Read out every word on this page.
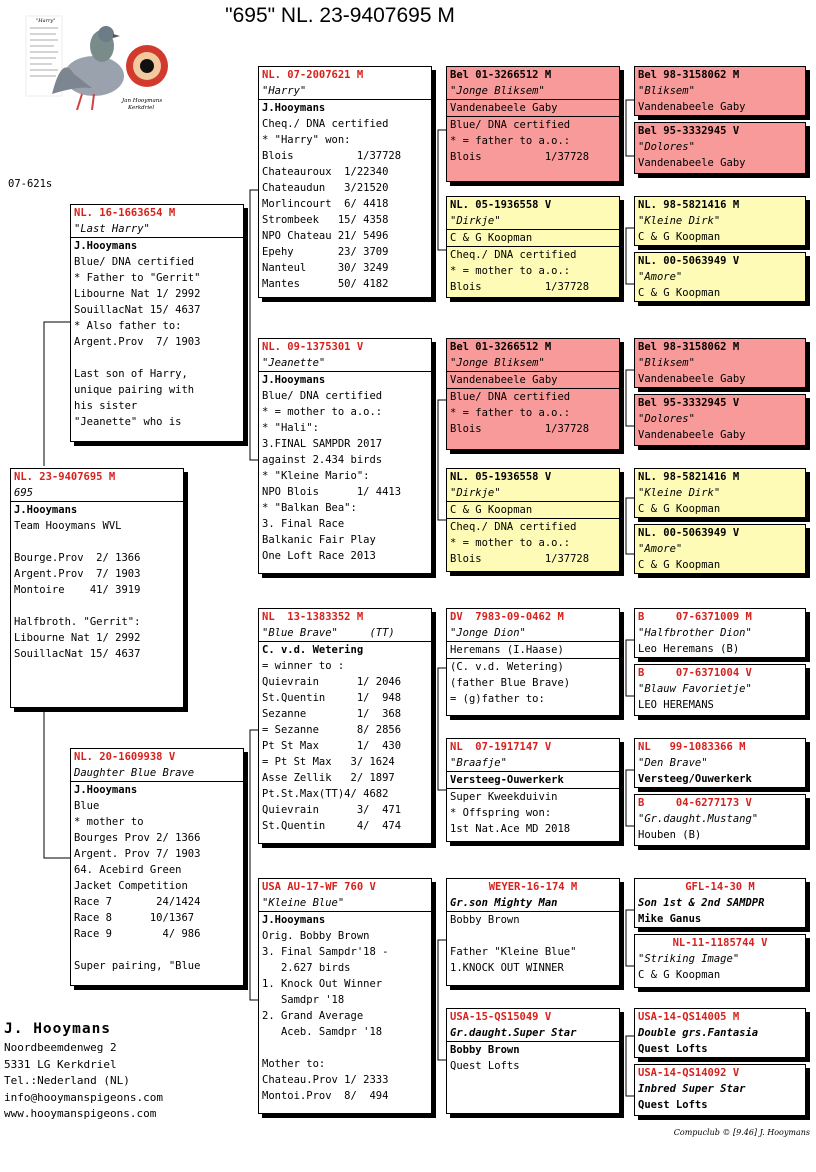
"695" NL. 23-9407695 M
"Harry"
Jan Hooymans
Kerkdriel
07-621s
NL. 23-9407695 M
695
J.Hooymans
Team Hooymans WVL

Bourge.Prov  2/ 1366
Argent.Prov  7/ 1903
Montoire    41/ 3919

Halfbroth. "Gerrit":
Libourne Nat 1/ 2992
SouillacNat 15/ 4637
NL. 16-1663654 M
"Last Harry"
J.Hooymans
Blue/ DNA certified
* Father to "Gerrit"
Libourne Nat 1/ 2992
SouillacNat 15/ 4637
* Also father to:
Argent.Prov  7/ 1903

Last son of Harry,
unique pairing with
his sister
"Jeanette" who is
NL. 20-1609938 V
Daughter Blue Brave
J.Hooymans
Blue
* mother to
Bourges Prov 2/ 1366
Argent. Prov 7/ 1903
64. Acebird Green
Jacket Competition
Race 7       24/1424
Race 8      10/1367
Race 9        4/ 986

Super pairing, "Blue
NL. 07-2007621 M
"Harry"
J.Hooymans
Cheq./ DNA certified
* "Harry" won:
Blois          1/37728
Chateauroux  1/22340
Chateaudun   3/21520
Morlincourt  6/ 4418
Strombeek   15/ 4358
NPO Chateau 21/ 5496
Epehy       23/ 3709
Nanteul     30/ 3249
Mantes      50/ 4182
NL. 09-1375301 V
"Jeanette"
J.Hooymans
Blue/ DNA certified
* = mother to a.o.:
* "Hali":
3.FINAL SAMPDR 2017
against 2.434 birds
* "Kleine Mario":
NPO Blois      1/ 4413
* "Balkan Bea":
3. Final Race
Balkanic Fair Play
One Loft Race 2013
NL  13-1383352 M
"Blue Brave"     (TT)
C. v.d. Wetering
= winner to :
Quievrain      1/ 2046
St.Quentin     1/  948
Sezanne        1/  368
= Sezanne      8/ 2856
Pt St Max      1/  430
= Pt St Max   3/ 1624
Asse Zellik   2/ 1897
Pt.St.Max(TT)4/ 4682
Quievrain      3/  471
St.Quentin     4/  474
USA AU-17-WF 760 V
"Kleine Blue"
J.Hooymans
Orig. Bobby Brown
3. Final Sampdr'18 -
2.627 birds
1. Knock Out Winner
Samdpr '18
2. Grand Average
Aceb. Samdpr '18

Mother to:
Chateau.Prov 1/ 2333
Montoi.Prov  8/  494
Bel 01-3266512 M
"Jonge Bliksem"
Vandenabeele Gaby
Blue/ DNA certified
* = father to a.o.:
Blois          1/37728
NL. 05-1936558 V
"Dirkje"
C & G Koopman
Cheq./ DNA certified
* = mother to a.o.:
Blois          1/37728
Bel 01-3266512 M
"Jonge Bliksem"
Vandenabeele Gaby
Blue/ DNA certified
* = father to a.o.:
Blois          1/37728
NL. 05-1936558 V
"Dirkje"
C & G Koopman
Cheq./ DNA certified
* = mother to a.o.:
Blois          1/37728
DV  7983-09-0462 M
"Jonge Dion"
Heremans (I.Haase)
(C. v.d. Wetering)
(father Blue Brave)
= (g)father to:
NL  07-1917147 V
"Braafje"
Versteeg-Ouwerkerk
Super Kweekduivin
* Offspring won:
1st Nat.Ace MD 2018
WEYER-16-174 M
Gr.son Mighty Man
Bobby Brown

Father "Kleine Blue"
1.KNOCK OUT WINNER
USA-15-QS15049 V
Gr.daught.Super Star
Bobby Brown
Quest Lofts
Bel 98-3158062 M
"Bliksem"
Vandenabeele Gaby
Bel 95-3332945 V
"Dolores"
Vandenabeele Gaby
NL. 98-5821416 M
"Kleine Dirk"
C & G Koopman
NL. 00-5063949 V
"Amore"
C & G Koopman
Bel 98-3158062 M
"Bliksem"
Vandenabeele Gaby
Bel 95-3332945 V
"Dolores"
Vandenabeele Gaby
NL. 98-5821416 M
"Kleine Dirk"
C & G Koopman
NL. 00-5063949 V
"Amore"
C & G Koopman
B     07-6371009 M
"Halfbrother Dion"
Leo Heremans (B)
B     07-6371004 V
"Blauw Favorietje"
LEO HEREMANS
NL   99-1083366 M
"Den Brave"
Versteeg/Ouwerkerk
B     04-6277173 V
"Gr.daught.Mustang"
Houben (B)
GFL-14-30 M
Son 1st & 2nd SAMDPR
Mike Ganus
NL-11-1185744 V
"Striking Image"
C & G Koopman
USA-14-QS14005 M
Double grs.Fantasia
Quest Lofts
USA-14-QS14092 V
Inbred Super Star
Quest Lofts
J. Hooymans
Noordbeemdenweg 2
5331 LG Kerkdriel
Tel.:Nederland (NL)
info@hooymanspigeons.com
www.hooymanspigeons.com
Compuclub © [9.46] J. Hooymans
